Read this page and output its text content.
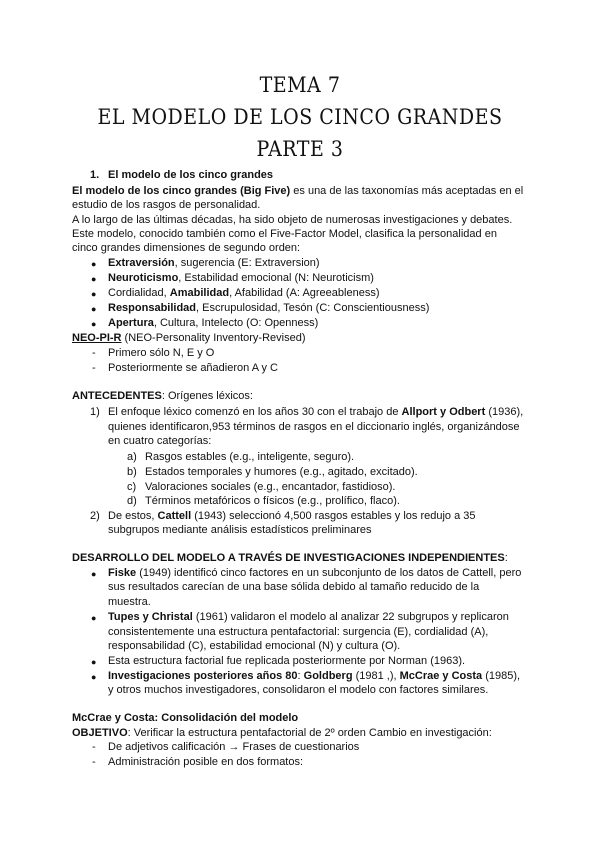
TEMA 7
EL MODELO DE LOS CINCO GRANDES
PARTE 3
1. El modelo de los cinco grandes
El modelo de los cinco grandes (Big Five) es una de las taxonomías más aceptadas en el
estudio de los rasgos de personalidad.
A lo largo de las últimas décadas, ha sido objeto de numerosas investigaciones y debates.
Este modelo, conocido también como el Five-Factor Model, clasifica la personalidad en
cinco grandes dimensiones de segundo orden:
● Extraversión, sugerencia (E: Extraversion)
● Neuroticismo, Estabilidad emocional (N: Neuroticism)
● Cordialidad, Amabilidad, Afabilidad (A: Agreeableness)
● Responsabilidad, Escrupulosidad, Tesón (C: Conscientiousness)
● Apertura, Cultura, Intelecto (O: Openness)
NEO-PI-R (NEO-Personality Inventory-Revised)
- Primero sólo N, E y O
- Posteriormente se añadieron A y C
ANTECEDENTES: Orígenes léxicos:
1) El enfoque léxico comenzó en los años 30 con el trabajo de Allport y Odbert (1936),
quienes identificaron,953 términos de rasgos en el diccionario inglés, organizándose
en cuatro categorías:
a) Rasgos estables (e.g., inteligente, seguro).
b) Estados temporales y humores (e.g., agitado, excitado).
c) Valoraciones sociales (e.g., encantador, fastidioso).
d) Términos metafóricos o físicos (e.g., prolífico, flaco).
2) De estos, Cattell (1943) seleccionó 4,500 rasgos estables y los redujo a 35
subgrupos mediante análisis estadísticos preliminares
DESARROLLO DEL MODELO A TRAVÉS DE INVESTIGACIONES INDEPENDIENTES:
● Fiske (1949) identificó cinco factores en un subconjunto de los datos de Cattell, pero
sus resultados carecían de una base sólida debido al tamaño reducido de la
muestra.
● Tupes y Christal (1961) validaron el modelo al analizar 22 subgrupos y replicaron
consistentemente una estructura pentafactorial: surgencia (E), cordialidad (A),
responsabilidad (C), estabilidad emocional (N) y cultura (O).
● Esta estructura factorial fue replicada posteriormente por Norman (1963).
● Investigaciones posteriores años 80: Goldberg (1981 ,), McCrae y Costa (1985),
y otros muchos investigadores, consolidaron el modelo con factores similares.
McCrae y Costa: Consolidación del modelo
OBJETIVO: Verificar la estructura pentafactorial de 2º orden Cambio en investigación:
- De adjetivos calificación → Frases de cuestionarios
- Administración posible en dos formatos:
